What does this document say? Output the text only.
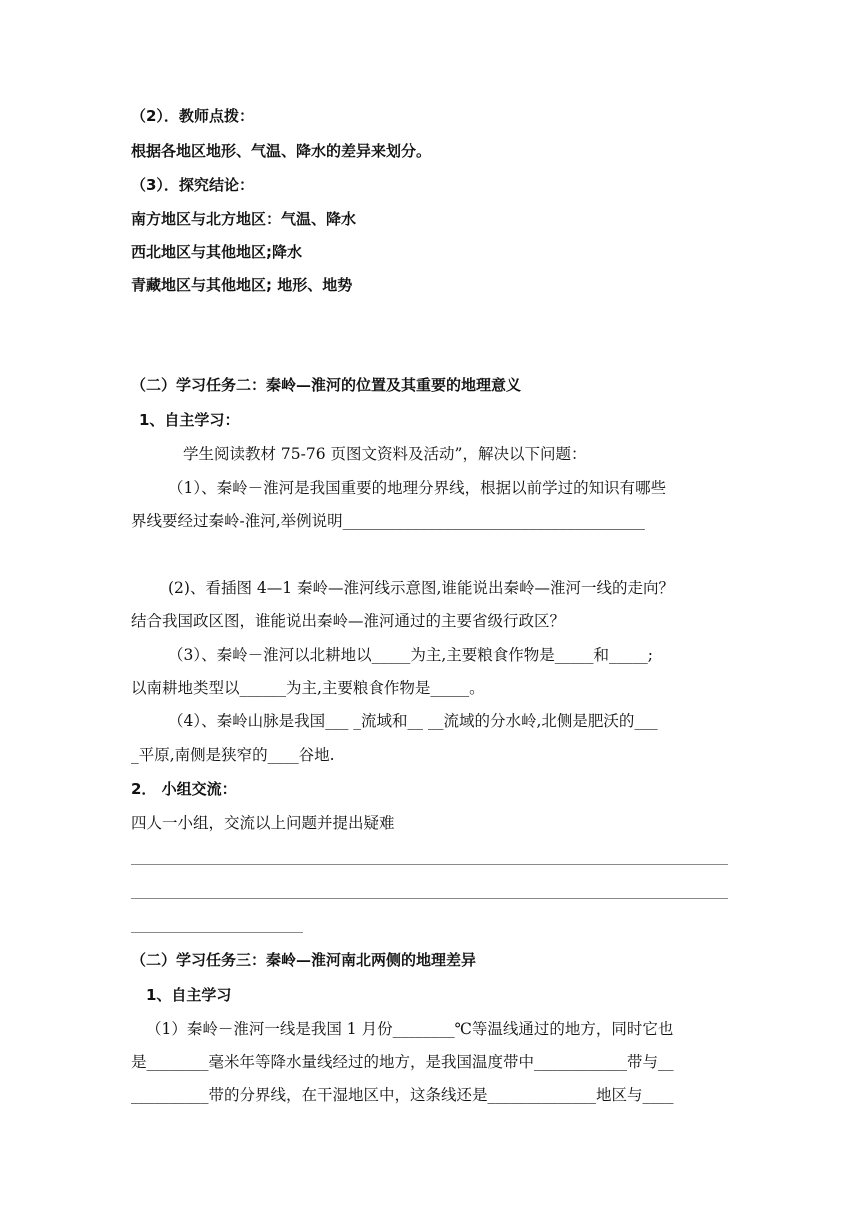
（2）．教师点拨：
根据各地区地形、气温、降水的差异来划分。
（3）．探究结论：
南方地区与北方地区：气温、降水
西北地区与其他地区;降水
青藏地区与其他地区; 地形、地势
（二）学习任务二：秦岭—淮河的位置及其重要的地理意义
1、自主学习：
学生阅读教材 75-76 页图文资料及活动”，解决以下问题：
（1）、秦岭－淮河是我国重要的地理分界线，根据以前学过的知识有哪些
界线要经过秦岭-淮河,举例说明_______________________________________
(2)、看插图 4—1 秦岭—淮河线示意图,谁能说出秦岭—淮河一线的走向？
结合我国政区图，谁能说出秦岭—淮河通过的主要省级行政区？
（3）、秦岭－淮河以北耕地以_____为主,主要粮食作物是_____和_____;
以南耕地类型以______为主,主要粮食作物是_____。
（4）、秦岭山脉是我国___ _流域和__ __流域的分水岭,北侧是肥沃的___
_平原,南侧是狭窄的____谷地.
2． 小组交流：
四人一小组，交流以上问题并提出疑难
（二）学习任务三：秦岭—淮河南北两侧的地理差异
1、自主学习
（1）秦岭－淮河一线是我国 1 月份________℃等温线通过的地方，同时它也
是________毫米年等降水量线经过的地方，是我国温度带中____________带与__
__________带的分界线，在干湿地区中，这条线还是______________地区与____
